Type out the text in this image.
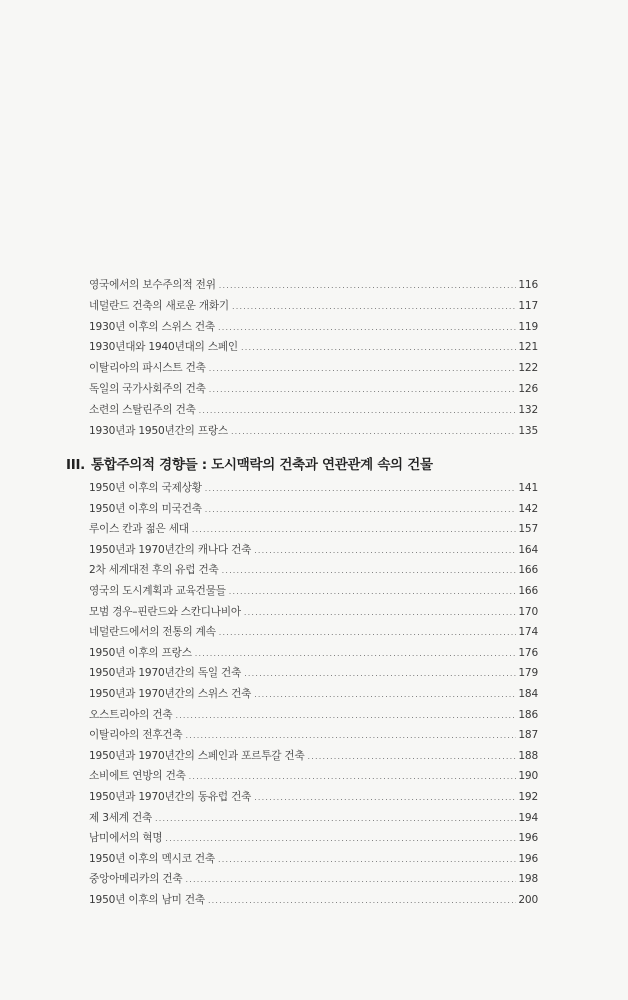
영국에서의 보수주의적 전위 .....	116
네덜란드 건축의 새로운 개화기 .....	117
1930년 이후의 스위스 건축 .....	119
1930년대와 1940년대의 스페인 .....	121
이탈리아의 파시스트 건축 .....	122
독일의 국가사회주의 건축 .....	126
소련의 스탈린주의 건축 .....	132
1930년과 1950년간의 프랑스 .....	135
III. 통합주의적 경향들 : 도시맥락의 건축과 연관관계 속의 건물
1950년 이후의 국제상황 .....	141
1950년 이후의 미국건축 .....	142
루이스 칸과 젊은 세대 .....	157
1950년과 1970년간의 캐나다 건축 .....	164
2차 세계대전 후의 유럽 건축 .....	166
영국의 도시계획과 교육건물들 .....	166
모범 경우–핀란드와 스칸디나비아 .....	170
네덜란드에서의 전통의 계속 .....	174
1950년 이후의 프랑스 .....	176
1950년과 1970년간의 독일 건축 .....	179
1950년과 1970년간의 스위스 건축 .....	184
오스트리아의 건축 .....	186
이탈리아의 전후건축 .....	187
1950년과 1970년간의 스페인과 포르투갈 건축 .....	188
소비에트 연방의 건축 .....	190
1950년과 1970년간의 동유럽 건축 .....	192
제 3세계 건축 .....	194
남미에서의 혁명 .....	196
1950년 이후의 멕시코 건축 .....	196
중앙아메리카의 건축 .....	198
1950년 이후의 남미 건축 .....	200
